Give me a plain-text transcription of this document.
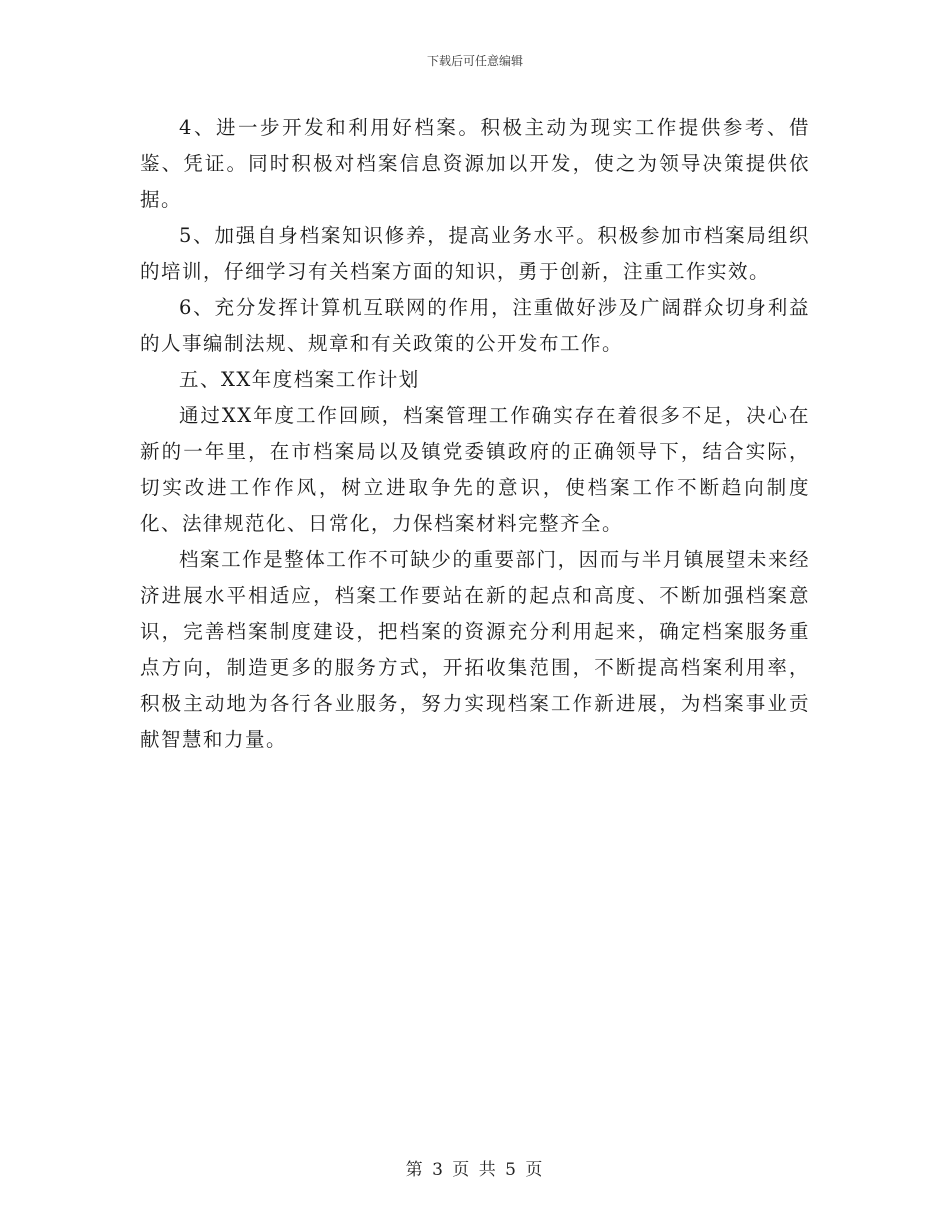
下载后可任意编辑

4、进一步开发和利用好档案。积极主动为现实工作提供参考、借鉴、凭证。同时积极对档案信息资源加以开发，使之为领导决策提供依据。

5、加强自身档案知识修养，提高业务水平。积极参加市档案局组织的培训，仔细学习有关档案方面的知识，勇于创新，注重工作实效。

6、充分发挥计算机互联网的作用，注重做好涉及广阔群众切身利益的人事编制法规、规章和有关政策的公开发布工作。

五、XX年度档案工作计划

通过XX年度工作回顾，档案管理工作确实存在着很多不足，决心在新的一年里，在市档案局以及镇党委镇政府的正确领导下，结合实际，切实改进工作作风，树立进取争先的意识，使档案工作不断趋向制度化、法律规范化、日常化，力保档案材料完整齐全。

档案工作是整体工作不可缺少的重要部门，因而与半月镇展望未来经济进展水平相适应，档案工作要站在新的起点和高度、不断加强档案意识，完善档案制度建设，把档案的资源充分利用起来，确定档案服务重点方向，制造更多的服务方式，开拓收集范围，不断提高档案利用率，积极主动地为各行各业服务，努力实现档案工作新进展，为档案事业贡献智慧和力量。

第 3 页 共 5 页
